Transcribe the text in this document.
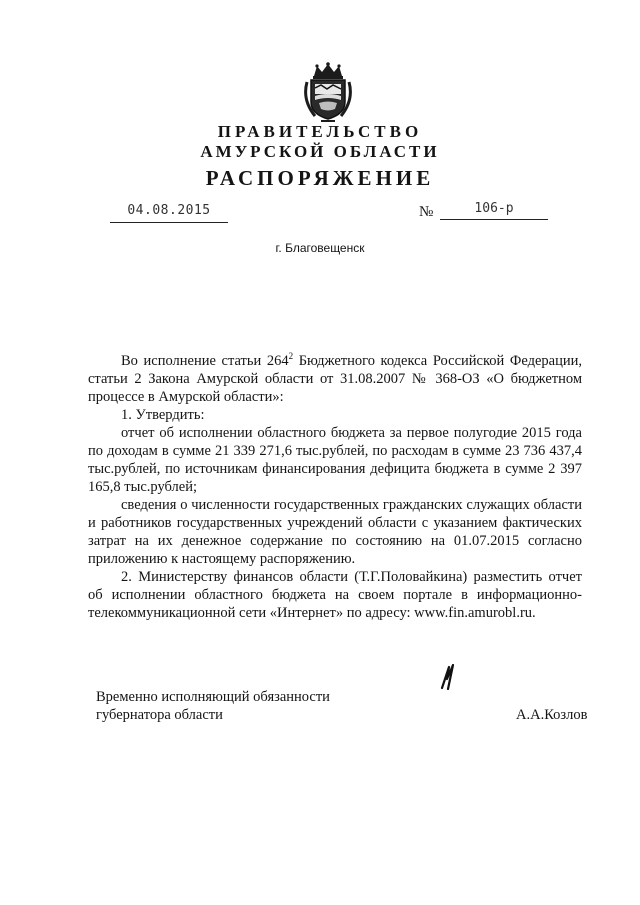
ПРАВИТЕЛЬСТВО
АМУРСКОЙ ОБЛАСТИ
РАСПОРЯЖЕНИЕ
04.08.2015	№	106-р
г. Благовещенск

Во исполнение статьи $264^2$ Бюджетного кодекса Российской Федерации, статьи 2 Закона Амурской области от 31.08.2007 № 368-ОЗ «О бюджетном процессе в Амурской области»:

1. Утвердить:

отчет об исполнении областного бюджета за первое полугодие 2015 года по доходам в сумме 21 339 271,6 тыс.рублей, по расходам в сумме 23 736 437,4 тыс.рублей, по источникам финансирования дефицита бюджета в сумме 2 397 165,8 тыс.рублей;

сведения о численности государственных гражданских служащих области и работников государственных учреждений области с указанием фактических затрат на их денежное содержание по состоянию на 01.07.2015 согласно приложению к настоящему распоряжению.

2. Министерству финансов области (Т.Г.Половайкина) разместить отчет об исполнении областного бюджета на своем портале в информационно-телекоммуникационной сети «Интернет» по адресу: www.fin.amurobl.ru.

Временно исполняющий обязанности
губернатора области	А.А.Козлов
